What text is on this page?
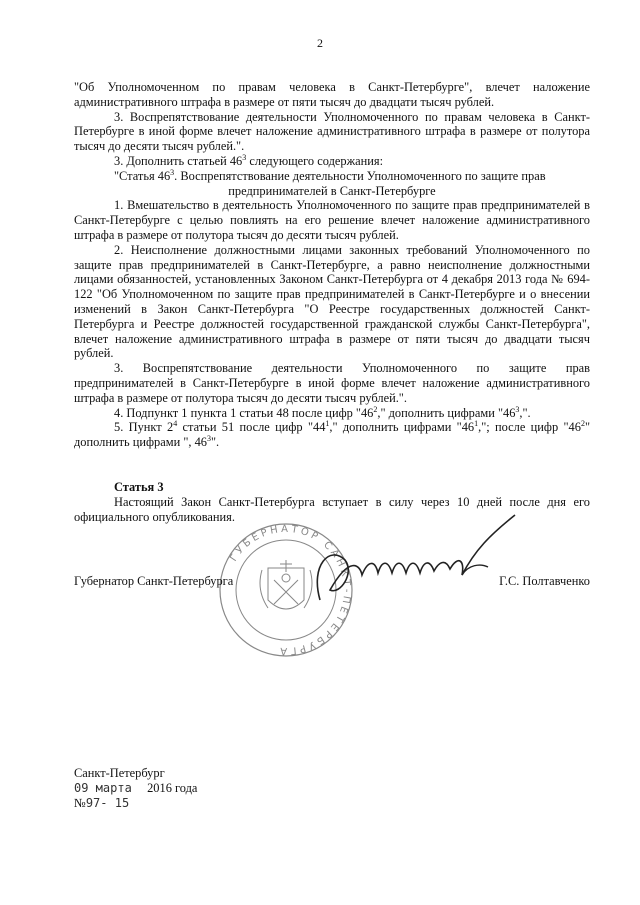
2

"Об Уполномоченном по правам человека в Санкт-Петербурге", влечет наложение административного штрафа в размере от пяти тысяч до двадцати тысяч рублей.

3. Воспрепятствование деятельности Уполномоченного по правам человека в Санкт-Петербурге в иной форме влечет наложение административного штрафа в размере от полутора тысяч до десяти тысяч рублей.".

3. Дополнить статьей $46^3$ следующего содержания:

"Статья $46^3$. Воспрепятствование деятельности Уполномоченного по защите прав

предпринимателей в Санкт-Петербурге

1. Вмешательство в деятельность Уполномоченного по защите прав предпринимателей в Санкт-Петербурге с целью повлиять на его решение влечет наложение административного штрафа в размере от полутора тысяч до десяти тысяч рублей.

2. Неисполнение должностными лицами законных требований Уполномоченного по защите прав предпринимателей в Санкт-Петербурге, а равно неисполнение должностными лицами обязанностей, установленных Законом Санкт-Петербурга от 4 декабря 2013 года № 694-122 "Об Уполномоченном по защите прав предпринимателей в Санкт-Петербурге и о внесении изменений в Закон Санкт-Петербурга "О Реестре государственных должностей Санкт-Петербурга и Реестре должностей государственной гражданской службы Санкт-Петербурга", влечет наложение административного штрафа в размере от пяти тысяч до двадцати тысяч рублей.

3. Воспрепятствование деятельности Уполномоченного по защите прав предпринимателей в Санкт-Петербурге в иной форме влечет наложение административного штрафа в размере от полутора тысяч до десяти тысяч рублей.".

4. Подпункт 1 пункта 1 статьи 48 после цифр "$46^2$," дополнить цифрами "$46^3$,".

5. Пункт $2^4$ статьи 51 после цифр "$44^1$," дополнить цифрами "$46^1$,"; после цифр "$46^2$" дополнить цифрами ", $46^3$".

Статья 3

Настоящий Закон Санкт-Петербурга вступает в силу через 10 дней после дня его официального опубликования.

ГУБЕРНАТОР САНКТ-ПЕТЕРБУРГА
Губернатор Санкт-Петербурга	Г.С. Полтавченко
Санкт-Петербург
09 марта 2016 года
№97- 15
